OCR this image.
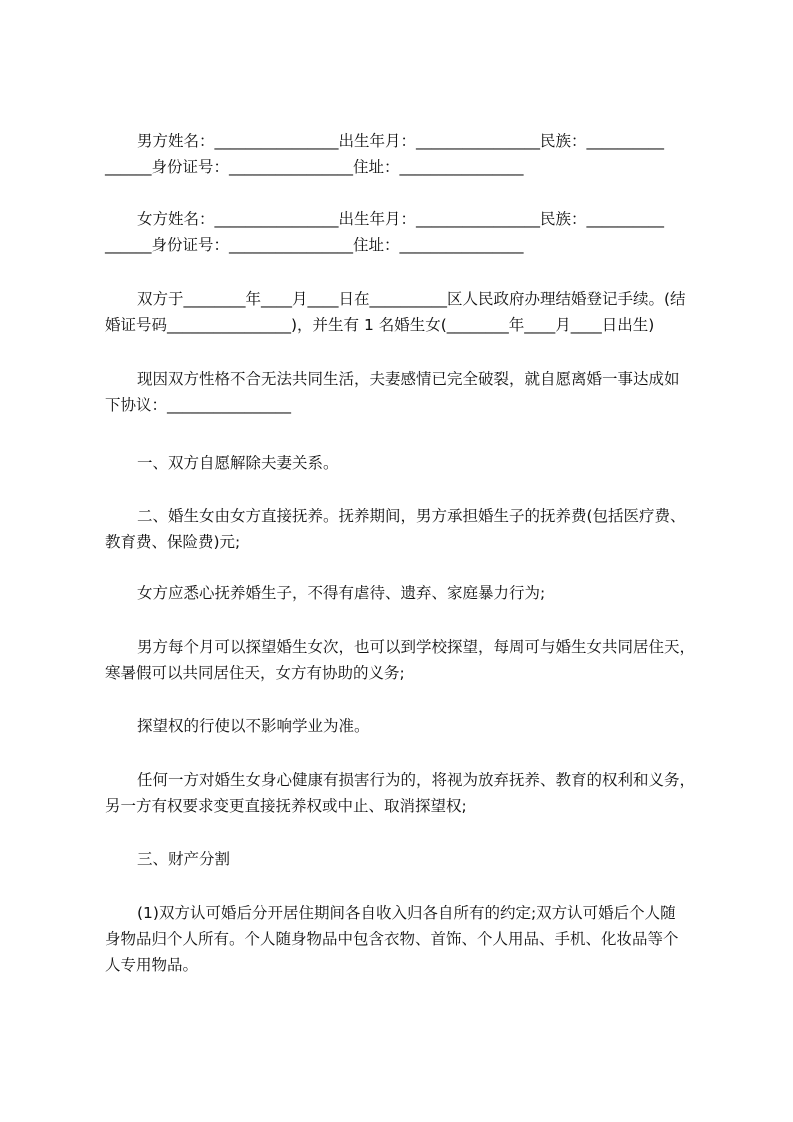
男方姓名：________________出生年月：________________民族：__________
______身份证号：________________住址：________________

女方姓名：________________出生年月：________________民族：__________
______身份证号：________________住址：________________

双方于________年____月____日在__________区人民政府办理结婚登记手续。(结
婚证号码________________)，并生有 1 名婚生女(________年____月____日出生)

现因双方性格不合无法共同生活，夫妻感情已完全破裂，就自愿离婚一事达成如
下协议：________________

一、双方自愿解除夫妻关系。

二、婚生女由女方直接抚养。抚养期间，男方承担婚生子的抚养费(包括医疗费、
教育费、保险费)元;

女方应悉心抚养婚生子，不得有虐待、遗弃、家庭暴力行为;

男方每个月可以探望婚生女次，也可以到学校探望，每周可与婚生女共同居住天，
寒暑假可以共同居住天，女方有协助的义务;

探望权的行使以不影响学业为准。

任何一方对婚生女身心健康有损害行为的，将视为放弃抚养、教育的权利和义务，
另一方有权要求变更直接抚养权或中止、取消探望权;

三、财产分割

(1)双方认可婚后分开居住期间各自收入归各自所有的约定;双方认可婚后个人随
身物品归个人所有。个人随身物品中包含衣物、首饰、个人用品、手机、化妆品等个
人专用物品。
